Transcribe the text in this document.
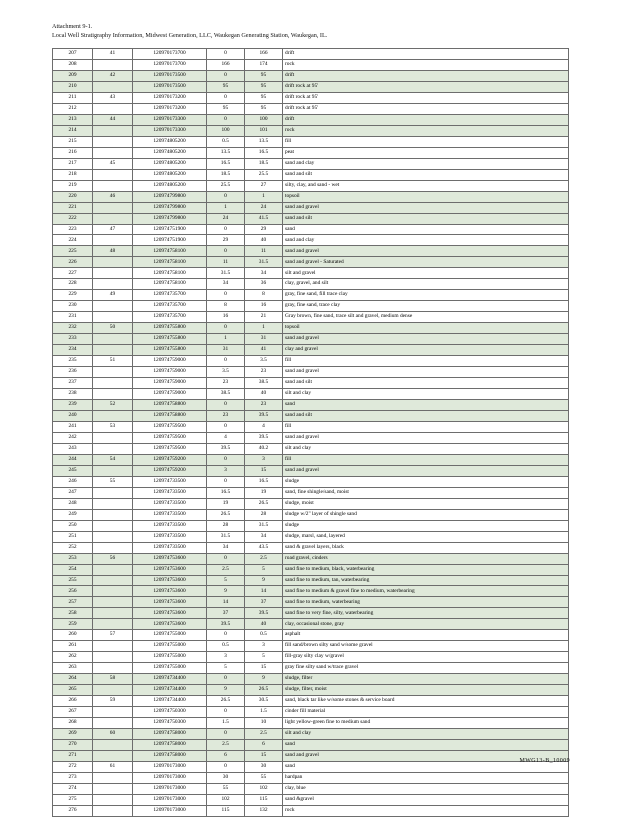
Attachment 9-1.
Local Well Stratigraphy Information, Midwest Generation, LLC, Waukegan Generating Station, Waukegan, IL.
207	41	120970173700	0	166	drift
208		120970173700	166	174	rock
209	42	120970173500	0	95	drift
210		120970173500	95	95	drift rock at 95'
211	43	120970173200	0	95	drift rock at 95'
212		120970173200	95	95	drift rock at 95'
213	44	120970173300	0	100	drift
214		120970173300	100	101	rock
215		120974805200	0.5	13.5	fill
216		120974805200	13.5	16.5	peat
217	45	120974805200	16.5	18.5	sand and clay
218		120974805200	18.5	25.5	sand and silt
219		120974805200	25.5	27	silty, clay, and sand - wet
220	46	120974799800	0	1	topsoil
221		120974799800	1	24	sand and gravel
222		120974799800	24	41.5	sand and silt
223	47	120974751900	0	29	sand
224		120974751900	29	40	sand and clay
225	48	120974758100	0	11	sand and gravel
226		120974758100	11	31.5	sand and gravel - Saturated
227		120974758100	31.5	34	silt and gravel
228		120974758100	34	36	clay, gravel, and silt
229	49	120974735700	0	8	gray, fine sand, fill trace clay
230		120974735700	8	16	gray, fine sand, trace clay
231		120974735700	16	21	Gray brown, fine sand, trace silt and gravel, medium dense
232	50	120974755800	0	1	topsoil
233		120974755800	1	31	sand and gravel
234		120974755800	31	41	clay and gravel
235	51	120974759000	0	3.5	fill
236		120974759000	3.5	23	sand and gravel
237		120974759000	23	38.5	sand and silt
238		120974759000	38.5	40	silt and clay
239	52	120974758800	0	23	sand
240		120974758800	23	39.5	sand and silt
241	53	120974759500	0	4	fill
242		120974759500	4	39.5	sand and gravel
243		120974759500	39.5	40.2	silt and clay
244	54	120974759200	0	3	fill
245		120974759200	3	15	sand and gravel
246	55	120974733500	0	16.5	sludge
247		120974733500	16.5	19	sand, fine shingle/sand, moist
248		120974733500	19	26.5	sludge, moist
249		120974733500	26.5	28	sludge w/2" layer of shingle sand
250		120974733500	28	31.5	sludge
251		120974733500	31.5	34	sludge, marsl, sand, layered
252		120974733500	34	43.5	sand & gravel layers, black
253	56	120974753600	0	2.5	road gravel, cinders
254		120974753600	2.5	5	sand fine to medium, black, waterbearing
255		120974753600	5	9	sand fine to medium, tan, waterbearing
256		120974753600	9	14	sand fine to medium & gravel fine to medium, waterbearing
257		120974753600	14	37	sand fine to medium, waterbearing
258		120974753600	37	39.5	sand fine to very fine, silty, waterbearing
259		120974753600	39.5	40	clay, occasional stone, gray
260	57	120974755000	0	0.5	asphalt
261		120974755000	0.5	3	fill sand/brown silty sand w/some gravel
262		120974755000	3	5	fill-gray silty clay w/gravel
263		120974755000	5	15	gray fine silty sand w/trace gravel
264	58	120974734400	0	9	sludge, filter
265		120974734400	9	26.5	sludge, filter, moist
266	59	120974734400	26.5	30.5	sand, black tar like w/some stones & service board
267		120974750300	0	1.5	cinder fill material
268		120974750300	1.5	10	light yellow-green fine to medium sand
269	60	120974758000	0	2.5	silt and clay
270		120974758000	2.5	6	sand
271		120974758000	6	15	sand and gravel
272	61	120970173000	0	30	sand
273		120970173000	30	55	hardpan
274		120970173000	55	102	clay, blue
275		120970173000	102	115	sand &gravel
276		120970173000	115	132	rock
MWG13-B_10009
